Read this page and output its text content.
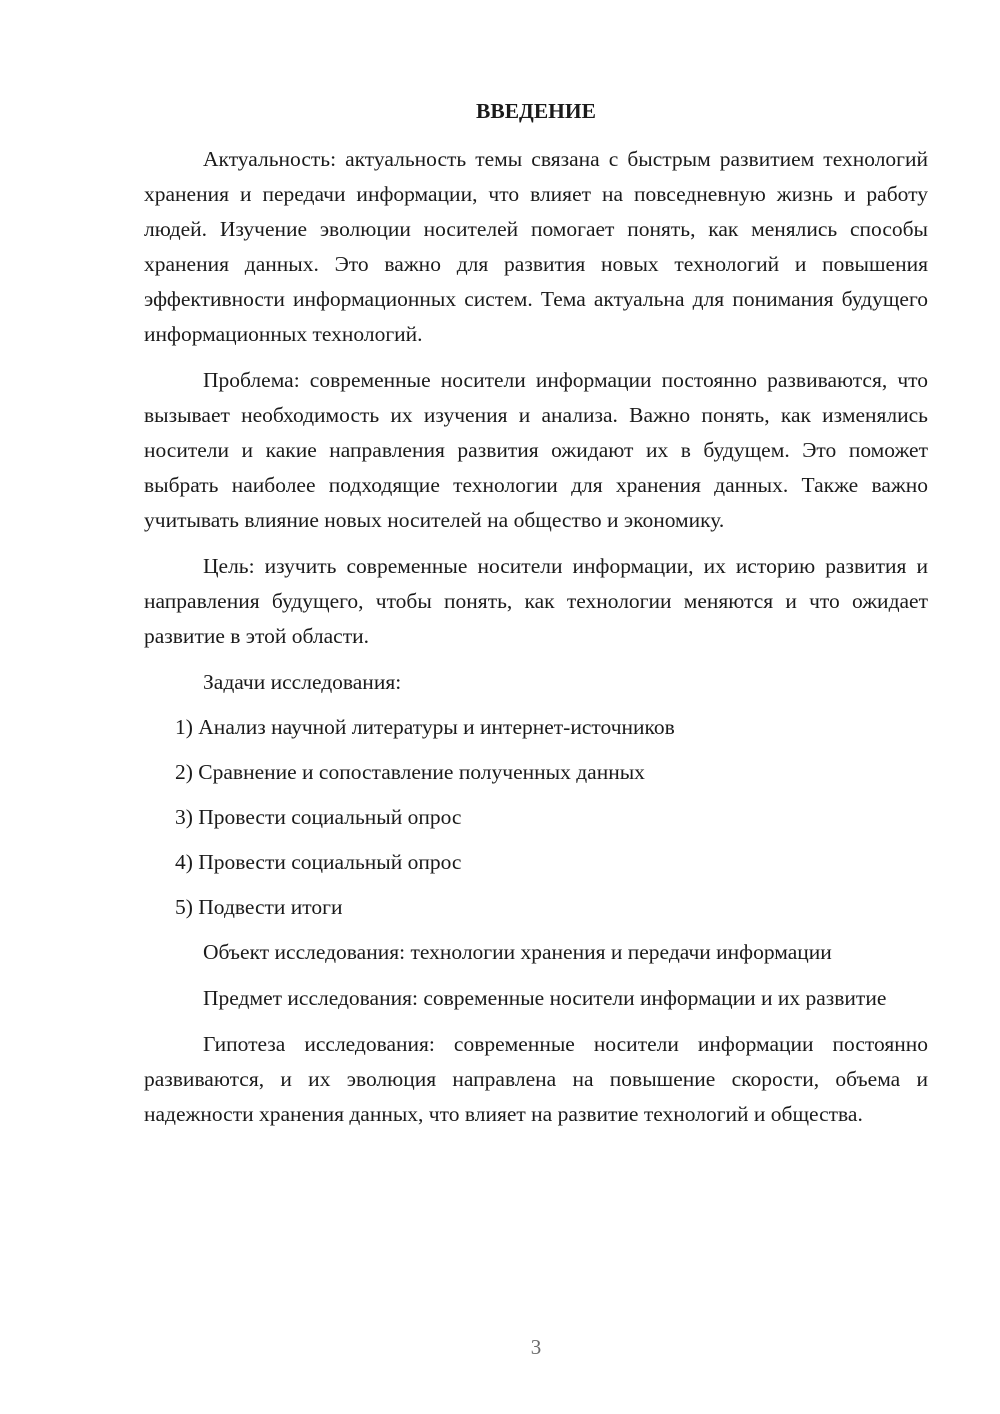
ВВЕДЕНИЕ

Актуальность: актуальность темы связана с быстрым развитием технологий хранения и передачи информации, что влияет на повседневную жизнь и работу людей. Изучение эволюции носителей помогает понять, как менялись способы хранения данных. Это важно для развития новых технологий и повышения эффективности информационных систем. Тема актуальна для понимания будущего информационных технологий.

Проблема: современные носители информации постоянно развиваются, что вызывает необходимость их изучения и анализа. Важно понять, как изменялись носители и какие направления развития ожидают их в будущем. Это поможет выбрать наиболее подходящие технологии для хранения данных. Также важно учитывать влияние новых носителей на общество и экономику.

Цель: изучить современные носители информации, их историю развития и направления будущего, чтобы понять, как технологии меняются и что ожидает развитие в этой области.

Задачи исследования:

1) Анализ научной литературы и интернет-источников
2) Сравнение и сопоставление полученных данных
3) Провести социальный опрос
4) Провести социальный опрос
5) Подвести итоги

Объект исследования: технологии хранения и передачи информации

Предмет исследования: современные носители информации и их развитие

Гипотеза исследования: современные носители информации постоянно развиваются, и их эволюция направлена на повышение скорости, объема и надежности хранения данных, что влияет на развитие технологий и общества.

3
